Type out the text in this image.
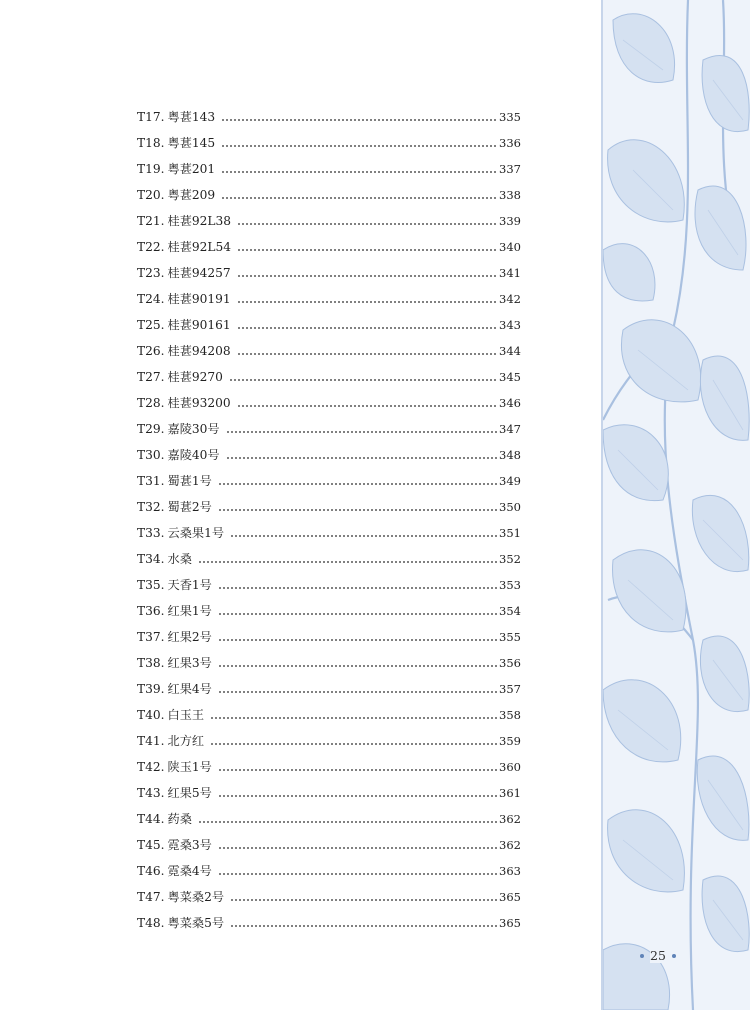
T17. 粤葚143	335
T18. 粤葚145	336
T19. 粤葚201	337
T20. 粤葚209	338
T21. 桂葚92L38	339
T22. 桂葚92L54	340
T23. 桂葚94257	341
T24. 桂葚90191	342
T25. 桂葚90161	343
T26. 桂葚94208	344
T27. 桂葚9270	345
T28. 桂葚93200	346
T29. 嘉陵30号	347
T30. 嘉陵40号	348
T31. 蜀葚1号	349
T32. 蜀葚2号	350
T33. 云桑果1号	351
T34. 水桑	352
T35. 天香1号	353
T36. 红果1号	354
T37. 红果2号	355
T38. 红果3号	356
T39. 红果4号	357
T40. 白玉王	358
T41. 北方红	359
T42. 陕玉1号	360
T43. 红果5号	361
T44. 药桑	362
T45. 霓桑3号	362
T46. 霓桑4号	363
T47. 粤菜桑2号	365
T48. 粤菜桑5号	365
25
